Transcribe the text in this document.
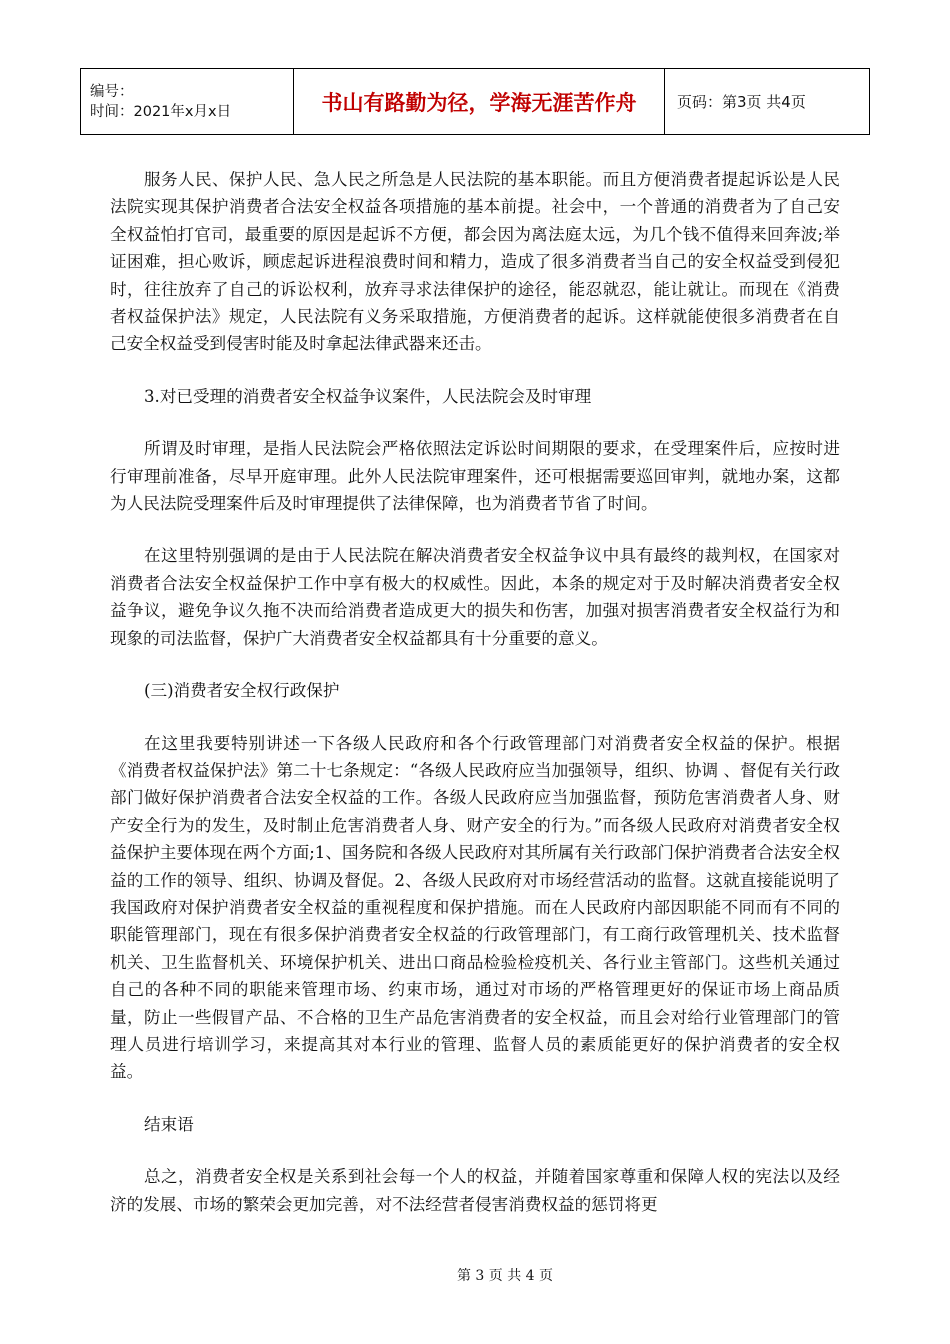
编号：
时间：2021年x月x日	书山有路勤为径，学海无涯苦作舟	页码：第3页 共4页

服务人民、保护人民、急人民之所急是人民法院的基本职能。而且方便消费者提起诉讼是人民法院实现其保护消费者合法安全权益各项措施的基本前提。社会中，一个普通的消费者为了自己安全权益怕打官司，最重要的原因是起诉不方便，都会因为离法庭太远，为几个钱不值得来回奔波;举证困难，担心败诉，顾虑起诉进程浪费时间和精力，造成了很多消费者当自己的安全权益受到侵犯时，往往放弃了自己的诉讼权利，放弃寻求法律保护的途径，能忍就忍，能让就让。而现在《消费者权益保护法》规定，人民法院有义务采取措施，方便消费者的起诉。这样就能使很多消费者在自己安全权益受到侵害时能及时拿起法律武器来还击。

3.对已受理的消费者安全权益争议案件，人民法院会及时审理

所谓及时审理，是指人民法院会严格依照法定诉讼时间期限的要求，在受理案件后，应按时进行审理前准备，尽早开庭审理。此外人民法院审理案件，还可根据需要巡回审判，就地办案，这都为人民法院受理案件后及时审理提供了法律保障，也为消费者节省了时间。

在这里特别强调的是由于人民法院在解决消费者安全权益争议中具有最终的裁判权，在国家对消费者合法安全权益保护工作中享有极大的权威性。因此，本条的规定对于及时解决消费者安全权益争议，避免争议久拖不决而给消费者造成更大的损失和伤害，加强对损害消费者安全权益行为和现象的司法监督，保护广大消费者安全权益都具有十分重要的意义。

(三)消费者安全权行政保护

在这里我要特别讲述一下各级人民政府和各个行政管理部门对消费者安全权益的保护。根据《消费者权益保护法》第二十七条规定：“各级人民政府应当加强领导，组织、协调 、督促有关行政部门做好保护消费者合法安全权益的工作。各级人民政府应当加强监督，预防危害消费者人身、财产安全行为的发生，及时制止危害消费者人身、财产安全的行为。”而各级人民政府对消费者安全权益保护主要体现在两个方面;1、国务院和各级人民政府对其所属有关行政部门保护消费者合法安全权益的工作的领导、组织、协调及督促。2、各级人民政府对市场经营活动的监督。这就直接能说明了我国政府对保护消费者安全权益的重视程度和保护措施。而在人民政府内部因职能不同而有不同的职能管理部门，现在有很多保护消费者安全权益的行政管理部门，有工商行政管理机关、技术监督机关、卫生监督机关、环境保护机关、进出口商品检验检疫机关、各行业主管部门。这些机关通过自己的各种不同的职能来管理市场、约束市场，通过对市场的严格管理更好的保证市场上商品质量，防止一些假冒产品、不合格的卫生产品危害消费者的安全权益，而且会对给行业管理部门的管理人员进行培训学习，来提高其对本行业的管理、监督人员的素质能更好的保护消费者的安全权益。

结束语

总之，消费者安全权是关系到社会每一个人的权益，并随着国家尊重和保障人权的宪法以及经济的发展、市场的繁荣会更加完善，对不法经营者侵害消费权益的惩罚将更

第 3 页 共 4 页
